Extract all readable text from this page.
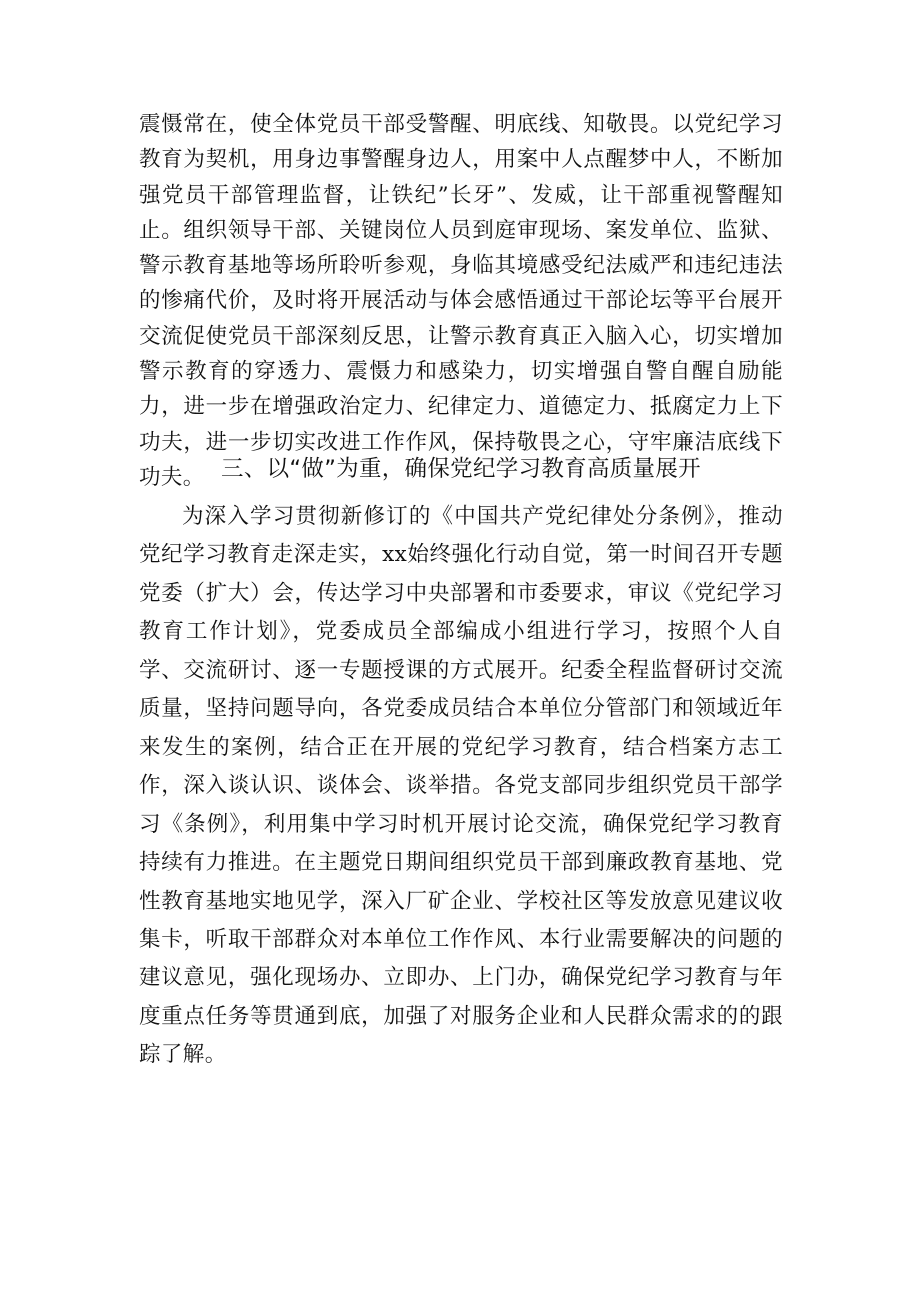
震慑常在，使全体党员干部受警醒、明底线、知敬畏。以党纪学习教育为契机，用身边事警醒身边人，用案中人点醒梦中人，不断加强党员干部管理监督，让铁纪”长牙”、发威，让干部重视警醒知止。组织领导干部、关键岗位人员到庭审现场、案发单位、监狱、警示教育基地等场所聆听参观，身临其境感受纪法威严和违纪违法的惨痛代价，及时将开展活动与体会感悟通过干部论坛等平台展开交流促使党员干部深刻反思，让警示教育真正入脑入心，切实增加警示教育的穿透力、震慑力和感染力，切实增强自警自醒自励能力，进一步在增强政治定力、纪律定力、道德定力、抵腐定力上下功夫，进一步切实改进工作作风，保持敬畏之心，守牢廉洁底线下功夫。 三、以“做”为重，确保党纪学习教育高质量展开

为深入学习贯彻新修订的《中国共产党纪律处分条例》，推动党纪学习教育走深走实，xx始终强化行动自觉，第一时间召开专题党委（扩大）会，传达学习中央部署和市委要求，审议《党纪学习教育工作计划》，党委成员全部编成小组进行学习，按照个人自学、交流研讨、逐一专题授课的方式展开。纪委全程监督研讨交流质量，坚持问题导向，各党委成员结合本单位分管部门和领域近年来发生的案例，结合正在开展的党纪学习教育，结合档案方志工作，深入谈认识、谈体会、谈举措。各党支部同步组织党员干部学习《条例》，利用集中学习时机开展讨论交流，确保党纪学习教育持续有力推进。在主题党日期间组织党员干部到廉政教育基地、党性教育基地实地见学，深入厂矿企业、学校社区等发放意见建议收集卡，听取干部群众对本单位工作作风、本行业需要解决的问题的建议意见，强化现场办、立即办、上门办，确保党纪学习教育与年度重点任务等贯通到底，加强了对服务企业和人民群众需求的的跟踪了解。
